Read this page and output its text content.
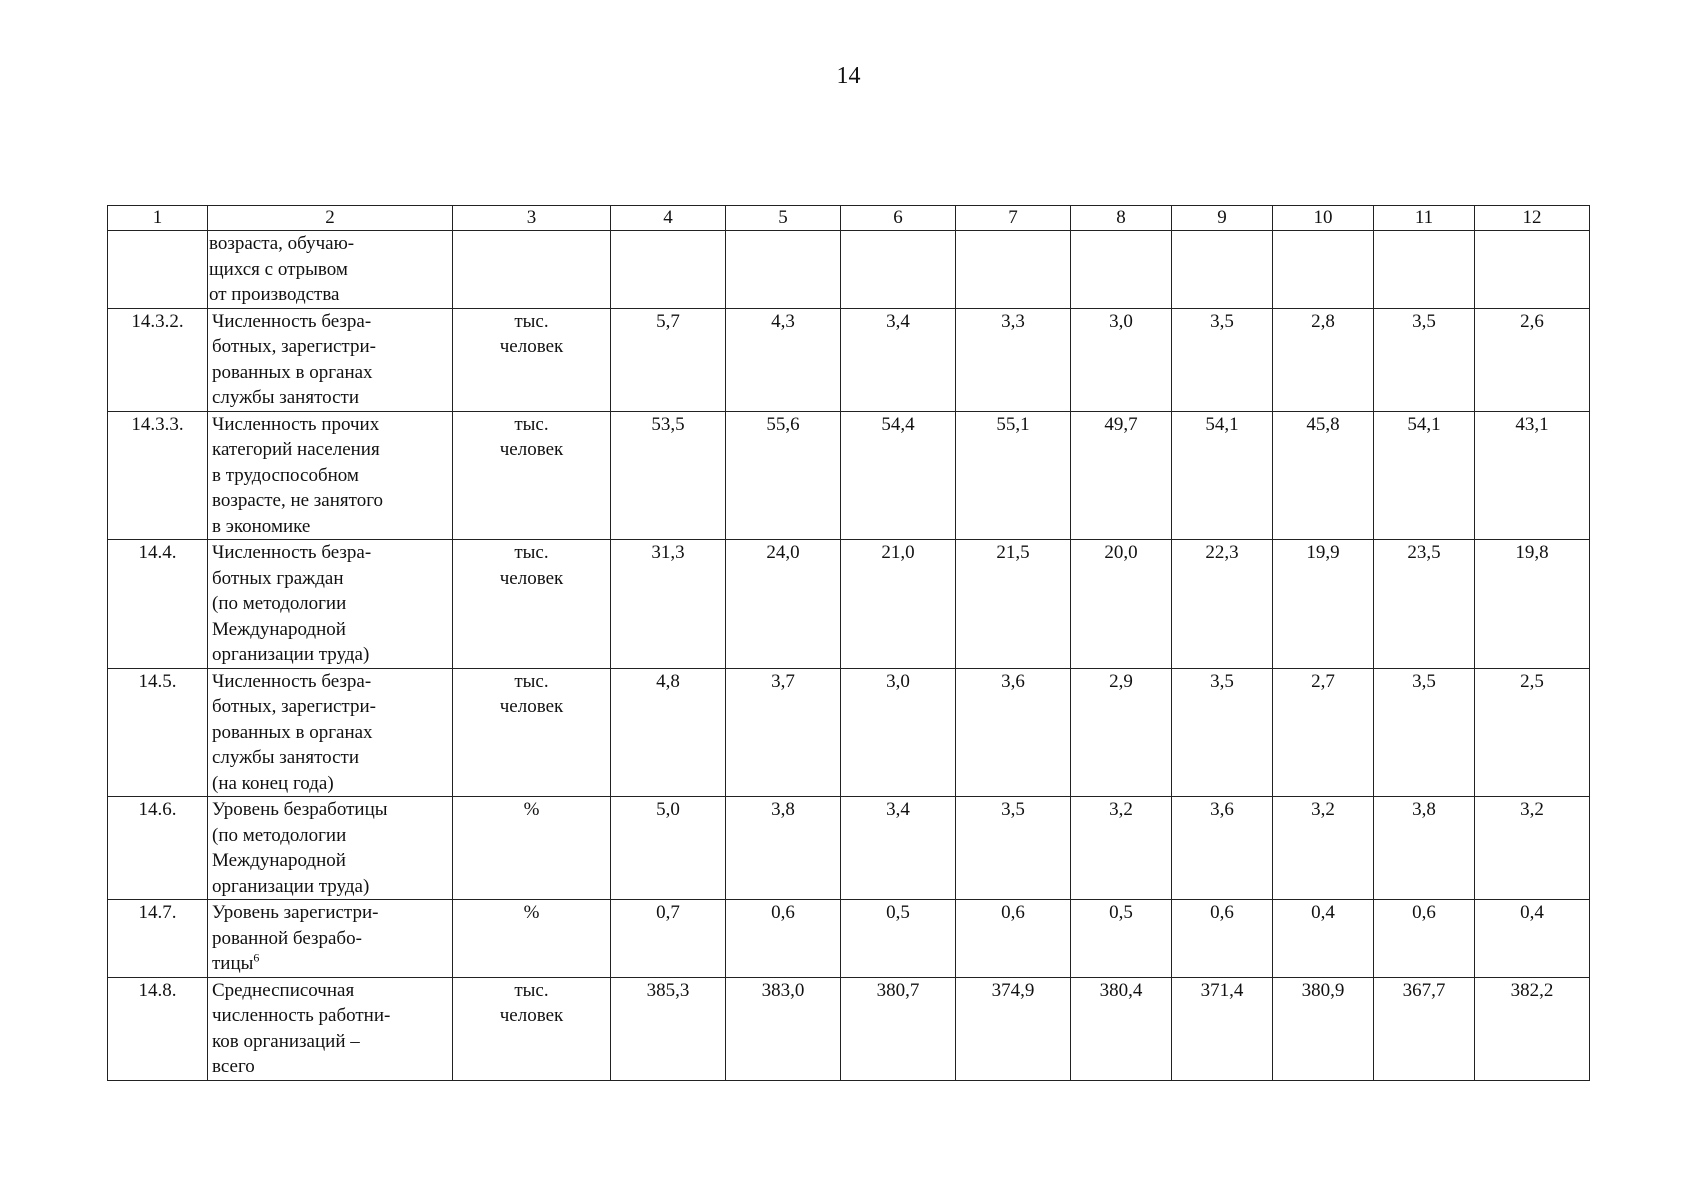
14
1	2	3	4	5	6	7	8	9	10	11	12
	возраста, обучаю-
щихся с отрывом
от производства										
14.3.2.	Численность безра-
ботных, зарегистри-
рованных в органах
службы занятости	тыс.
человек	5,7	4,3	3,4	3,3	3,0	3,5	2,8	3,5	2,6
14.3.3.	Численность прочих
категорий населения
в трудоспособном
возрасте, не занятого
в экономике	тыс.
человек	53,5	55,6	54,4	55,1	49,7	54,1	45,8	54,1	43,1
14.4.	Численность безра-
ботных граждан
(по методологии
Международной
организации труда)	тыс.
человек	31,3	24,0	21,0	21,5	20,0	22,3	19,9	23,5	19,8
14.5.	Численность безра-
ботных, зарегистри-
рованных в органах
службы занятости
(на конец года)	тыс.
человек	4,8	3,7	3,0	3,6	2,9	3,5	2,7	3,5	2,5
14.6.	Уровень безработицы
(по методологии
Международной
организации труда)	%	5,0	3,8	3,4	3,5	3,2	3,6	3,2	3,8	3,2
14.7.	Уровень зарегистри-
рованной безрабо-
тицы$^6$	%	0,7	0,6	0,5	0,6	0,5	0,6	0,4	0,6	0,4
14.8.	Среднесписочная
численность работни-
ков организаций –
всего	тыс.
человек	385,3	383,0	380,7	374,9	380,4	371,4	380,9	367,7	382,2
